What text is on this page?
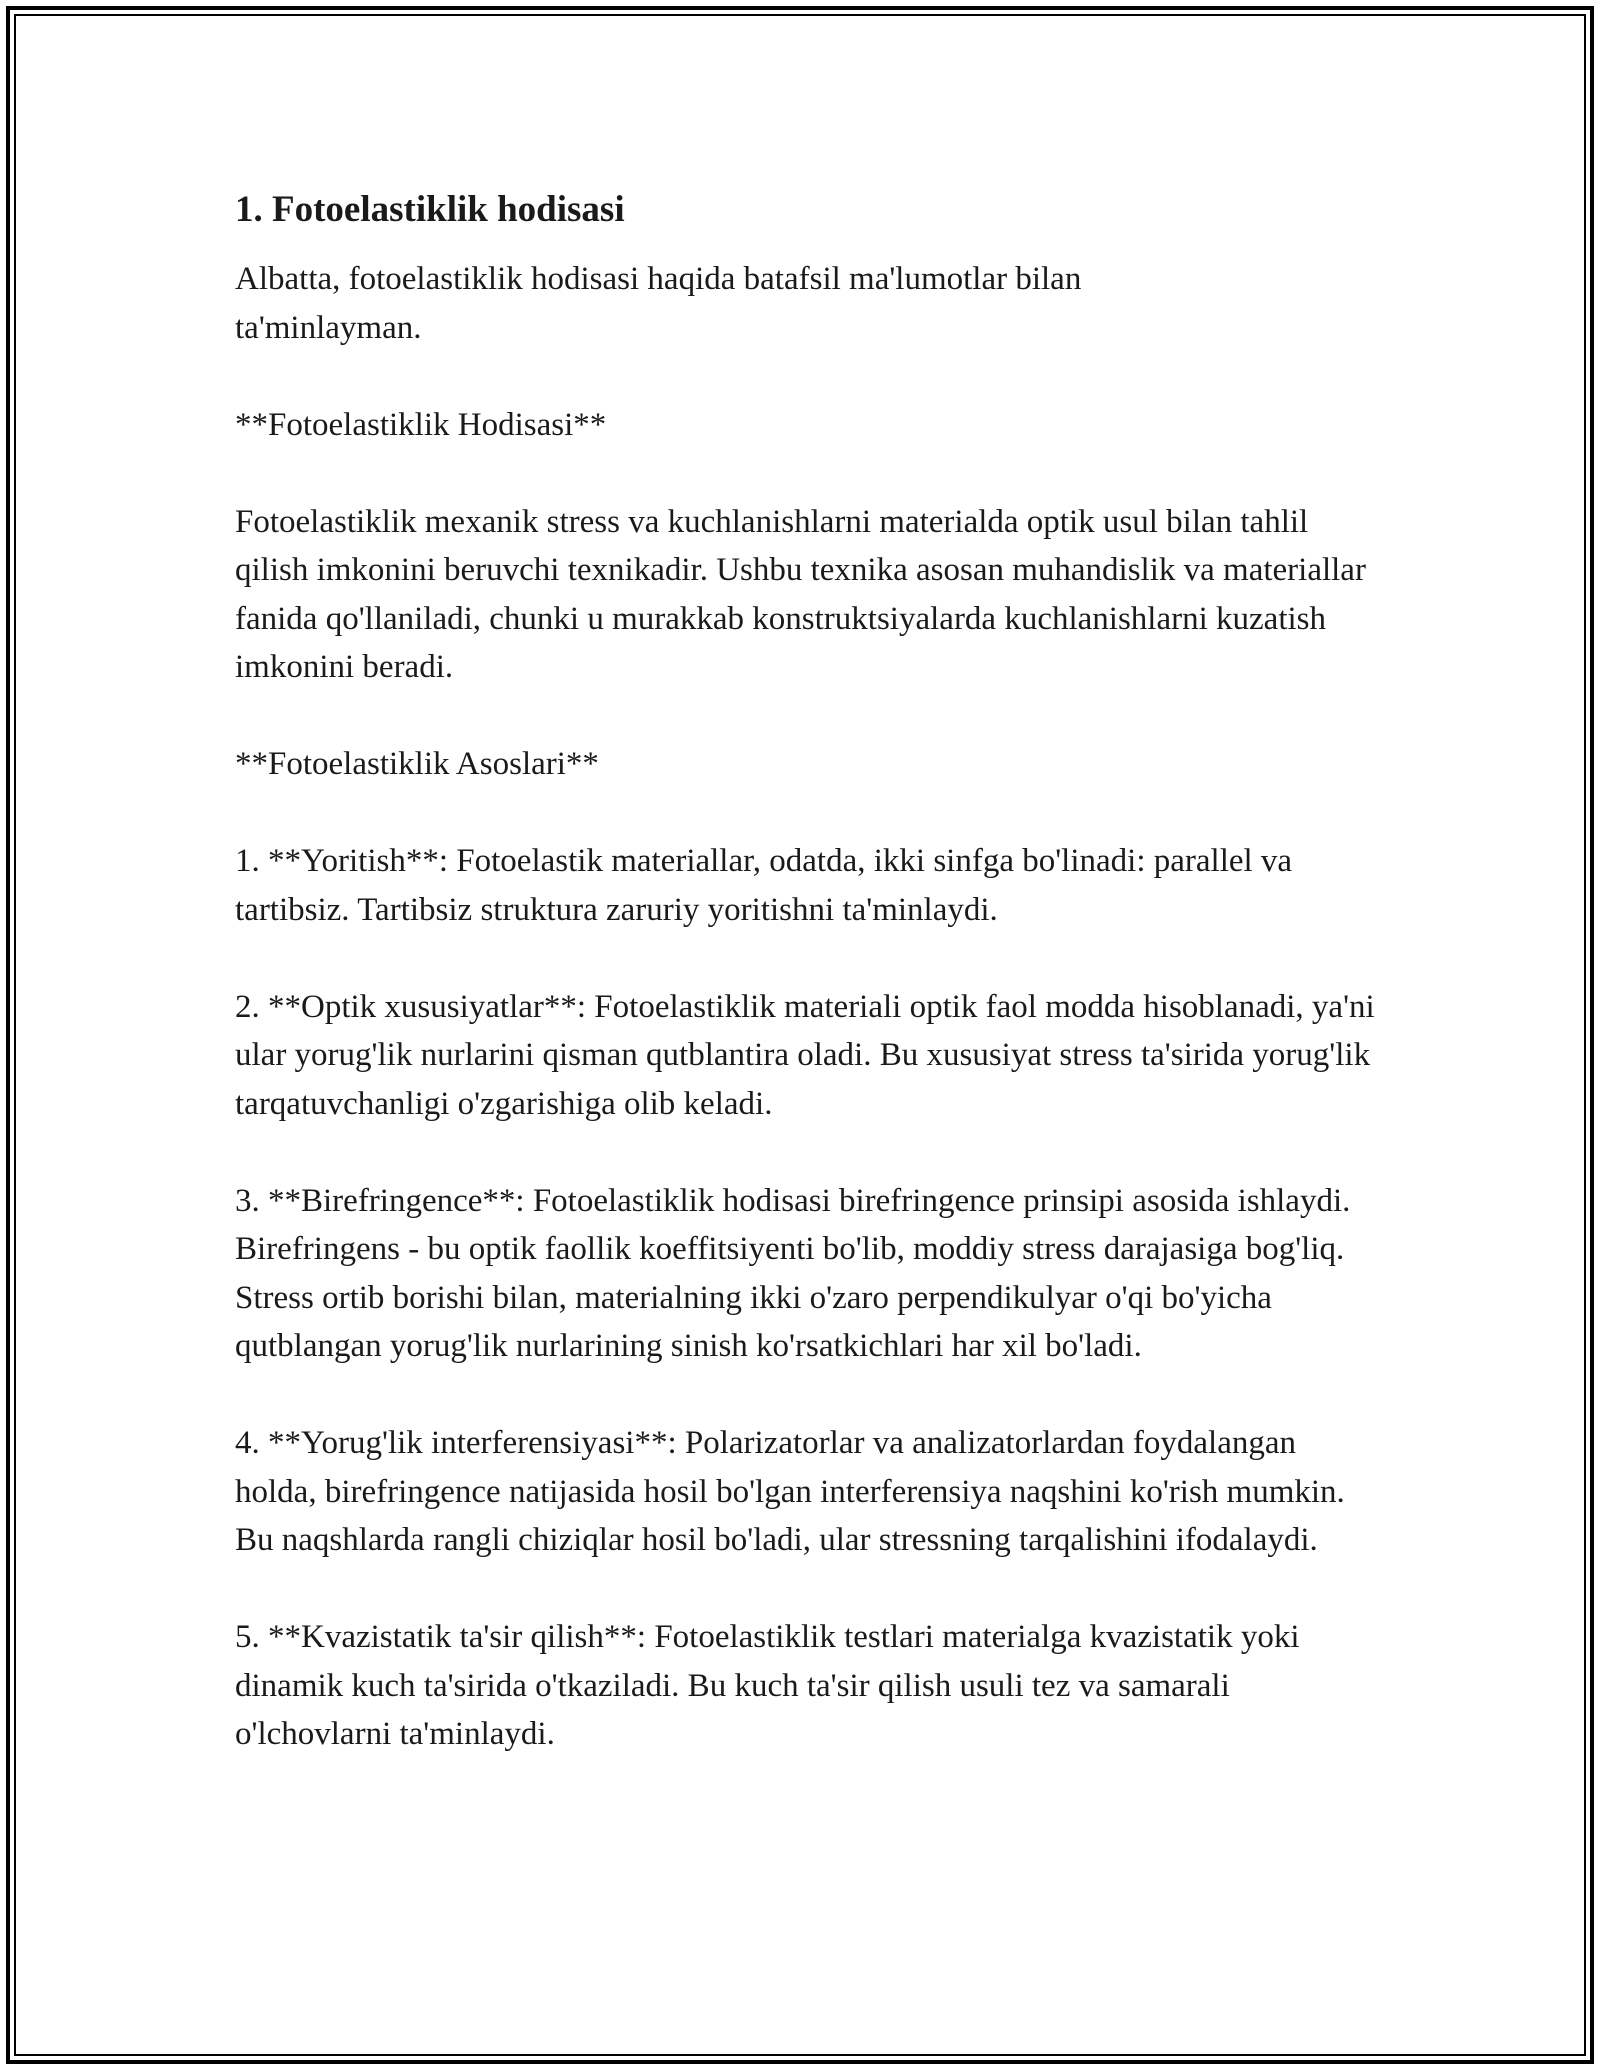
1. Fotoelastiklik hodisasi

Albatta, fotoelastiklik hodisasi haqida batafsil ma'lumotlar bilan ta'minlayman.

**Fotoelastiklik Hodisasi**

Fotoelastiklik mexanik stress va kuchlanishlarni materialda optik usul bilan tahlil qilish imkonini beruvchi texnikadir. Ushbu texnika asosan muhandislik va materiallar fanida qo'llaniladi, chunki u murakkab konstruktsiyalarda kuchlanishlarni kuzatish imkonini beradi.

**Fotoelastiklik Asoslari**

1. **Yoritish**: Fotoelastik materiallar, odatda, ikki sinfga bo'linadi: parallel va tartibsiz. Tartibsiz struktura zaruriy yoritishni ta'minlaydi.

2. **Optik xususiyatlar**: Fotoelastiklik materiali optik faol modda hisoblanadi, ya'ni ular yorug'lik nurlarini qisman qutblantira oladi. Bu xususiyat stress ta'sirida yorug'lik tarqatuvchanligi o'zgarishiga olib keladi.

3. **Birefringence**: Fotoelastiklik hodisasi birefringence prinsipi asosida ishlaydi. Birefringens - bu optik faollik koeffitsiyenti bo'lib, moddiy stress darajasiga bog'liq. Stress ortib borishi bilan, materialning ikki o'zaro perpendikulyar o'qi bo'yicha qutblangan yorug'lik nurlarining sinish ko'rsatkichlari har xil bo'ladi.

4. **Yorug'lik interferensiyasi**: Polarizatorlar va analizatorlardan foydalangan holda, birefringence natijasida hosil bo'lgan interferensiya naqshini ko'rish mumkin. Bu naqshlarda rangli chiziqlar hosil bo'ladi, ular stressning tarqalishini ifodalaydi.

5. **Kvazistatik ta'sir qilish**: Fotoelastiklik testlari materialga kvazistatik yoki dinamik kuch ta'sirida o'tkaziladi. Bu kuch ta'sir qilish usuli tez va samarali o'lchovlarni ta'minlaydi.
